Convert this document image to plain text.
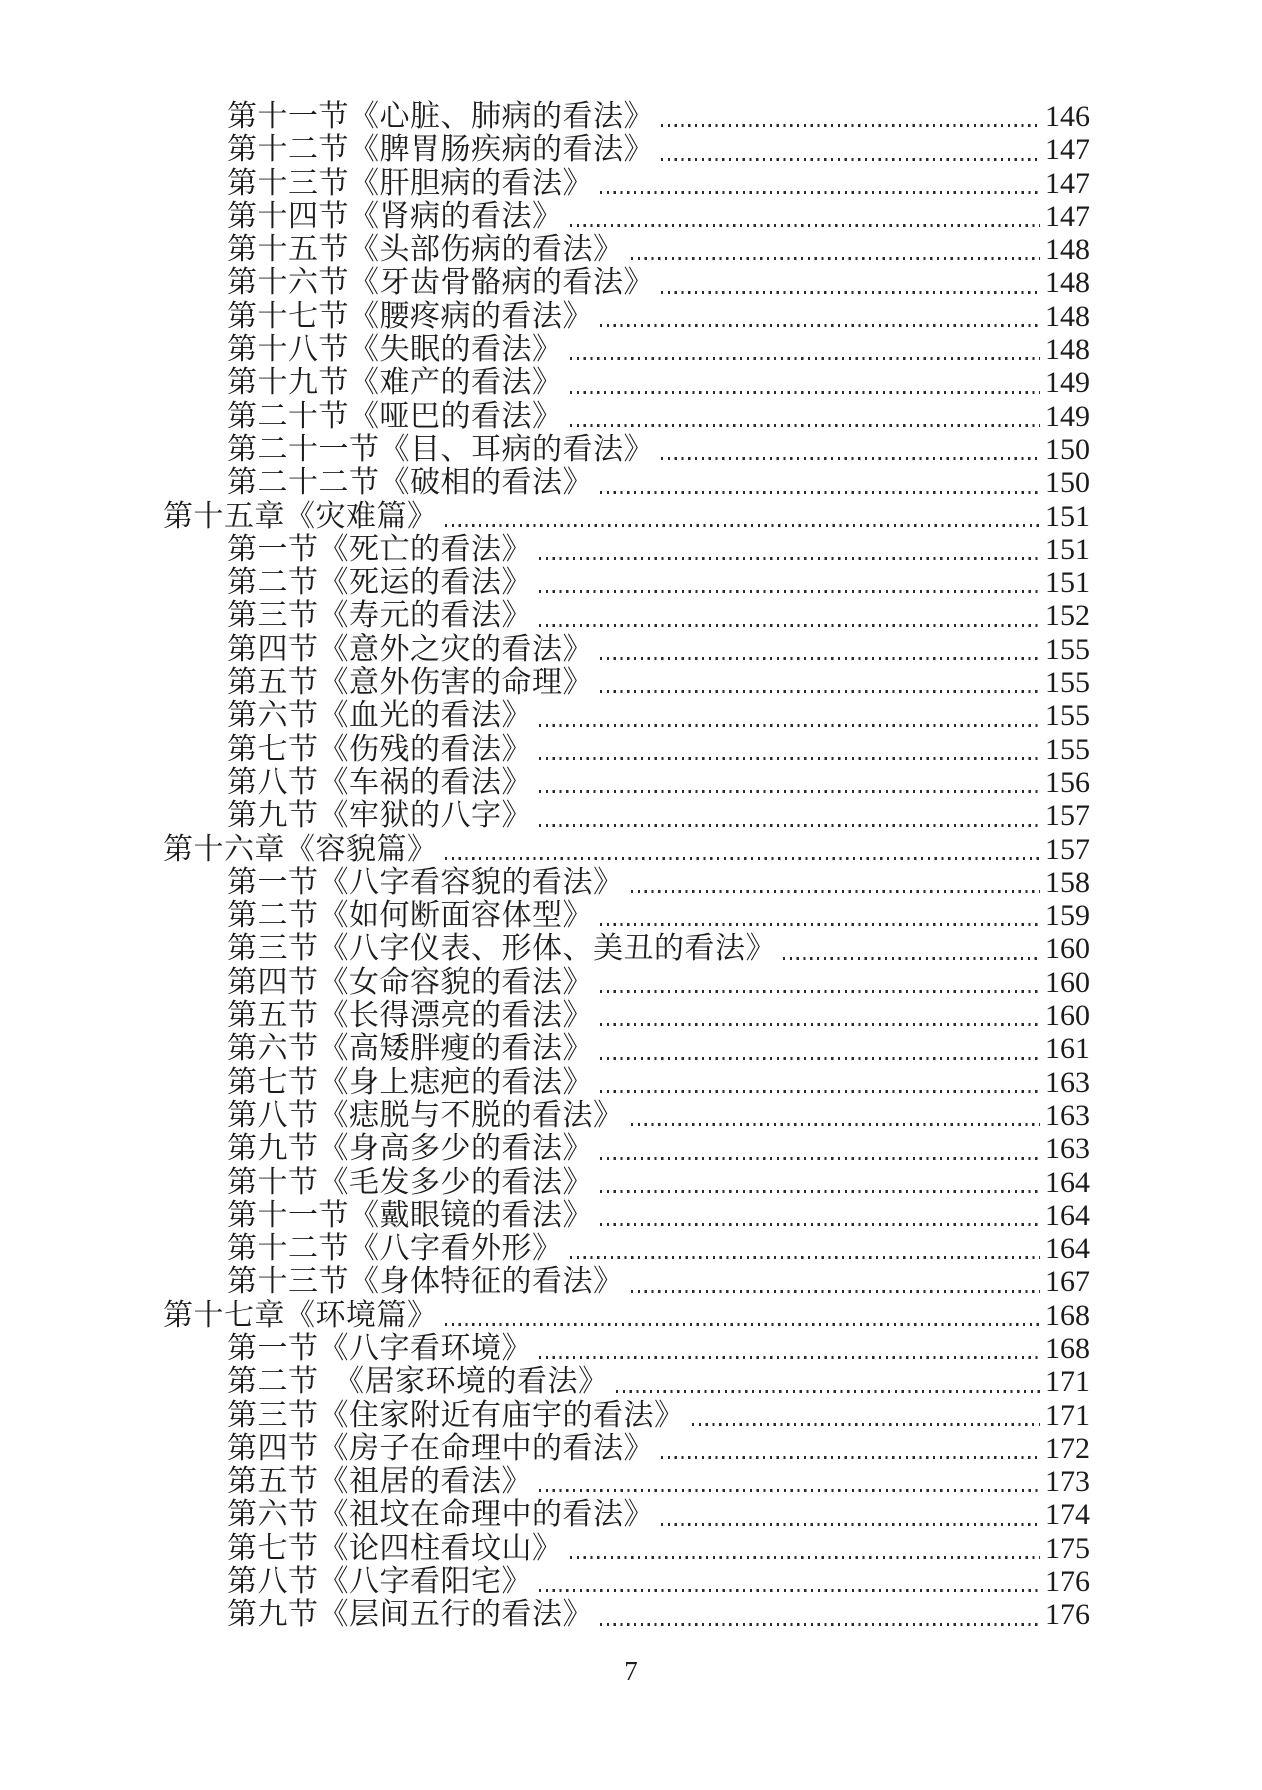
第十一节《心脏、肺病的看法》	146
第十二节《脾胃肠疾病的看法》	147
第十三节《肝胆病的看法》	147
第十四节《肾病的看法》	147
第十五节《头部伤病的看法》	148
第十六节《牙齿骨骼病的看法》	148
第十七节《腰疼病的看法》	148
第十八节《失眠的看法》	148
第十九节《难产的看法》	149
第二十节《哑巴的看法》	149
第二十一节《目、耳病的看法》	150
第二十二节《破相的看法》	150
第十五章《灾难篇》	151
第一节《死亡的看法》	151
第二节《死运的看法》	151
第三节《寿元的看法》	152
第四节《意外之灾的看法》	155
第五节《意外伤害的命理》	155
第六节《血光的看法》	155
第七节《伤残的看法》	155
第八节《车祸的看法》	156
第九节《牢狱的八字》	157
第十六章《容貌篇》	157
第一节《八字看容貌的看法》	158
第二节《如何断面容体型》	159
第三节《八字仪表、形体、美丑的看法》	160
第四节《女命容貌的看法》	160
第五节《长得漂亮的看法》	160
第六节《高矮胖瘦的看法》	161
第七节《身上痣疤的看法》	163
第八节《痣脱与不脱的看法》	163
第九节《身高多少的看法》	163
第十节《毛发多少的看法》	164
第十一节《戴眼镜的看法》	164
第十二节《八字看外形》	164
第十三节《身体特征的看法》	167
第十七章《环境篇》	168
第一节《八字看环境》	168
第二节　《居家环境的看法》	171
第三节《住家附近有庙宇的看法》	171
第四节《房子在命理中的看法》	172
第五节《祖居的看法》	173
第六节《祖坟在命理中的看法》	174
第七节《论四柱看坟山》	175
第八节《八字看阳宅》	176
第九节《层间五行的看法》	176
7
